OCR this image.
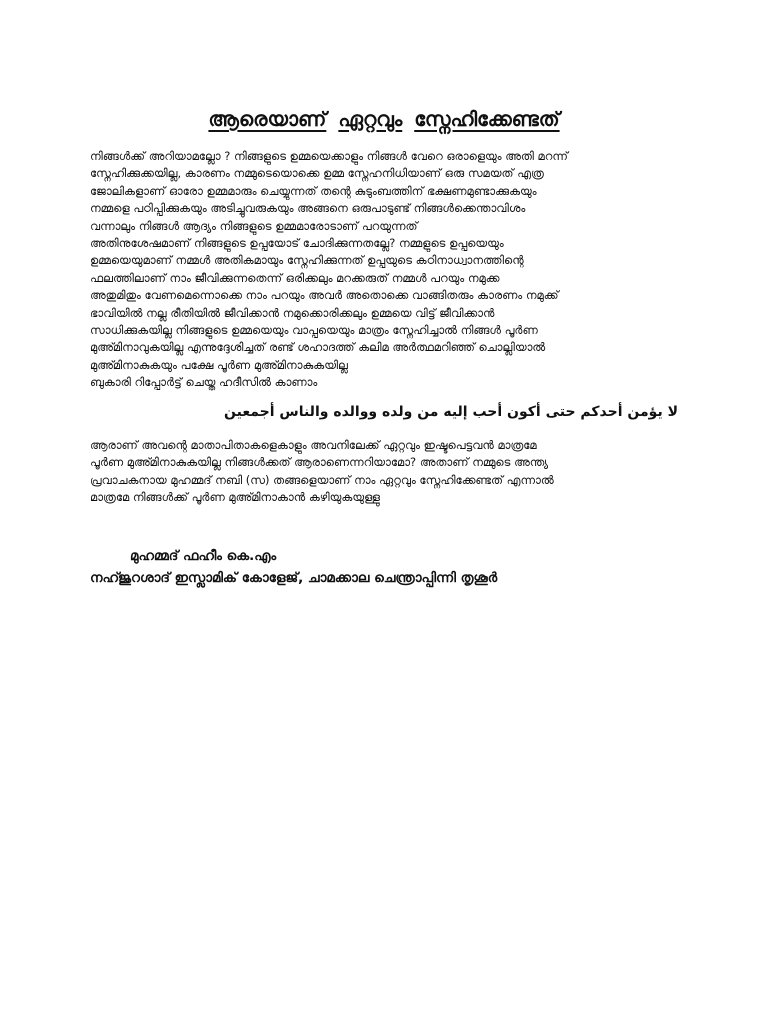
ആരെയാണ് ഏറ്റവും സ്നേഹിക്കേണ്ടത്
നിങ്ങൾക്ക് അറിയാമല്ലോ ? നിങ്ങളുടെ ഉമ്മയെക്കാളും നിങ്ങൾ വേറെ ഒരാളെയും അതി മറന്ന്
സ്നേഹിക്കുക്കയില്ല, കാരണം നമ്മുടെയൊക്കെ ഉമ്മ സ്നേഹനിധിയാണ് ഒരു സമയത് എത്ര
ജോലികളാണ് ഓരോ ഉമ്മമാരും ചെയ്യുന്നത് തന്റെ കുടുംബത്തിന് ഭക്ഷണമുണ്ടാക്കുകയും
നമ്മളെ പഠിപ്പിക്കുകയും അടിച്ചുവരുകയും അങ്ങനെ ഒരുപാടുണ്ട് നിങ്ങൾക്കെന്താവിശം
വന്നാലും നിങ്ങൾ ആദ്യം നിങ്ങളുടെ ഉമ്മമാരോടാണ് പറയുന്നത്
അതിനുശേഷമാണ് നിങ്ങളുടെ ഉപ്പയോട് ചോദിക്കുന്നതല്ലേ? നമ്മളുടെ ഉപ്പയെയും
ഉമ്മയെയുമാണ് നമ്മൾ അതികമായും സ്നേഹിക്കുന്നത് ഉപ്പയുടെ കഠിനാധ്വാനത്തിന്റെ
ഫലത്തിലാണ് നാം ജീവിക്കുന്നതെന്ന് ഒരിക്കലും മറക്കരുത് നമ്മൾ പറയും നമുക്ക
അതുമിതും വേണമെന്നൊക്കെ നാം പറയും അവർ അതൊക്കെ വാങ്ങിതരും കാരണം നമുക്ക്
ഭാവിയിൽ നല്ല രീതിയിൽ ജീവിക്കാൻ നമുക്കൊരിക്കലും ഉമ്മയെ വിട്ട് ജീവിക്കാൻ
സാധിക്കുകയില്ല നിങ്ങളുടെ ഉമ്മയെയും വാപ്പയെയും മാത്രം സ്നേഹിച്ചാൽ നിങ്ങൾ പൂർണ
മുഅ്മിനാവുകയില്ല എന്നുദ്ദേശിച്ചത് രണ്ട് ശഹാദത്ത് കലിമ അർത്ഥമറിഞ്ഞ് ചൊല്ലിയാൽ
മുഅ്മിനാകുകയും പക്ഷേ പൂർണ മുഅ്മിനാകുകയില്ല
ബുകാരി റിപ്പോർട്ട് ചെയ്ത ഹദീസിൽ കാണാം
لا يؤمن أحدكم حتى أكون أحب إليه من ولده ووالده والناس أجمعين
ആരാണ് അവന്റെ മാതാപിതാകളെകാളും അവനിലേക്ക് ഏറ്റവും ഇഷ്ടപെട്ടവൻ മാത്രമേ
പൂർണ മുഅ്മിനാകുകയില്ല നിങ്ങൾക്കത് ആരാണെന്നറിയാമോ? അതാണ് നമ്മുടെ അന്ത്യ
പ്രവാചകനായ മുഹമ്മദ് നബി (സ) തങ്ങളെയാണ് നാം ഏറ്റവും സ്നേഹിക്കേണ്ടത് എന്നാൽ
മാത്രമേ നിങ്ങൾക്ക് പൂർണ മുഅ്മിനാകാൻ കഴിയുകയുള്ളു
മുഹമ്മദ് ഫഹീം കെ.എം
നഹ്ജുറശാദ് ഇസ്ലാമിക് കോളേജ്, ചാമക്കാല ചെന്ത്രാപ്പിന്നി തൃശൂർ
